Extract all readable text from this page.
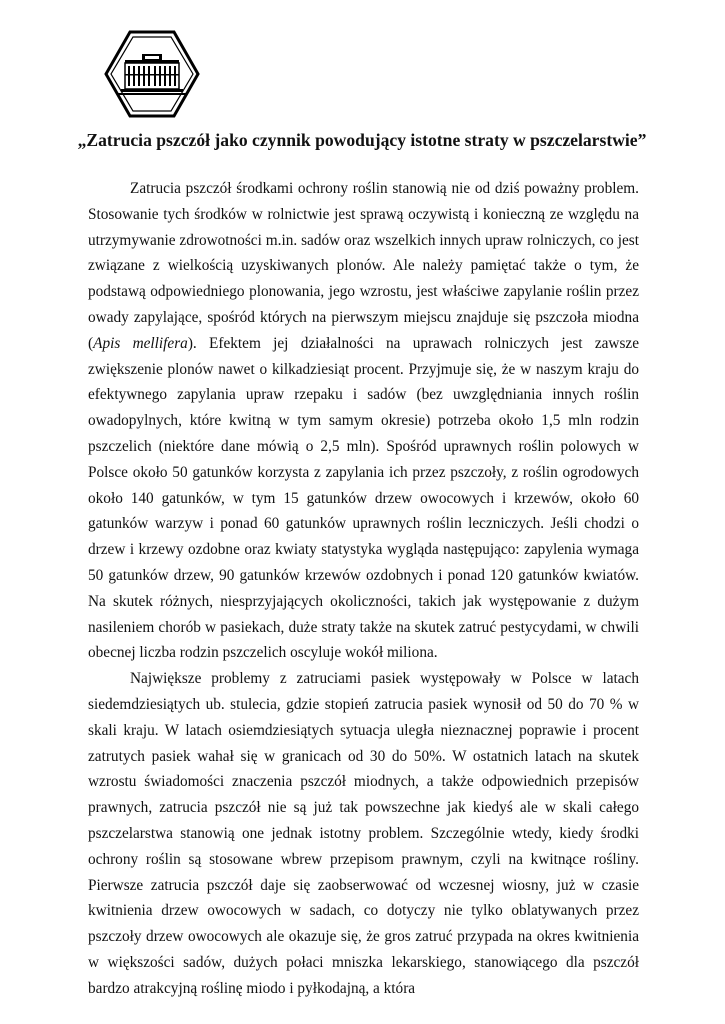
„Zatrucia pszczół jako czynnik powodujący istotne straty w pszczelarstwie”

Zatrucia pszczół środkami ochrony roślin stanowią nie od dziś poważny problem. Stosowanie tych środków w rolnictwie jest sprawą oczywistą i konieczną ze względu na utrzymywanie zdrowotności m.in. sadów oraz wszelkich innych upraw rolniczych, co jest związane z wielkością uzyskiwanych plonów. Ale należy pamiętać także o tym, że podstawą odpowiedniego plonowania, jego wzrostu, jest właściwe zapylanie roślin przez owady zapylające, spośród których na pierwszym miejscu znajduje się pszczoła miodna (Apis mellifera). Efektem jej działalności na uprawach rolniczych jest zawsze zwiększenie plonów nawet o kilkadziesiąt procent. Przyjmuje się, że w naszym kraju do efektywnego zapylania upraw rzepaku i sadów (bez uwzględniania innych roślin owadopylnych, które kwitną w tym samym okresie) potrzeba około 1,5 mln rodzin pszczelich (niektóre dane mówią o 2,5 mln). Spośród uprawnych roślin polowych w Polsce około 50 gatunków korzysta z zapylania ich przez pszczoły, z roślin ogrodowych około 140 gatunków, w tym 15 gatunków drzew owocowych i krzewów, około 60 gatunków warzyw i ponad 60 gatunków uprawnych roślin leczniczych. Jeśli chodzi o drzew i krzewy ozdobne oraz kwiaty statystyka wygląda następująco: zapylenia wymaga 50 gatunków drzew, 90 gatunków krzewów ozdobnych i ponad 120 gatunków kwiatów. Na skutek różnych, niesprzyjających okoliczności, takich jak występowanie z dużym nasileniem chorób w pasiekach, duże straty także na skutek zatruć pestycydami, w chwili obecnej liczba rodzin pszczelich oscyluje wokół miliona.

Największe problemy z zatruciami pasiek występowały w Polsce w latach siedemdziesiątych ub. stulecia, gdzie stopień zatrucia pasiek wynosił od 50 do 70 % w skali kraju. W latach osiemdziesiątych sytuacja uległa nieznacznej poprawie i procent zatrutych pasiek wahał się w granicach od 30 do 50%. W ostatnich latach na skutek wzrostu świadomości znaczenia pszczół miodnych, a także odpowiednich przepisów prawnych, zatrucia pszczół nie są już tak powszechne jak kiedyś ale w skali całego pszczelarstwa stanowią one jednak istotny problem. Szczególnie wtedy, kiedy środki ochrony roślin są stosowane wbrew przepisom prawnym, czyli na kwitnące rośliny. Pierwsze zatrucia pszczół daje się zaobserwować od wczesnej wiosny, już w czasie kwitnienia drzew owocowych w sadach, co dotyczy nie tylko oblatywanych przez pszczoły drzew owocowych ale okazuje się, że gros zatruć przypada na okres kwitnienia w większości sadów, dużych połaci mniszka lekarskiego, stanowiącego dla pszczół bardzo atrakcyjną roślinę miodo i pyłkodajną, a która
